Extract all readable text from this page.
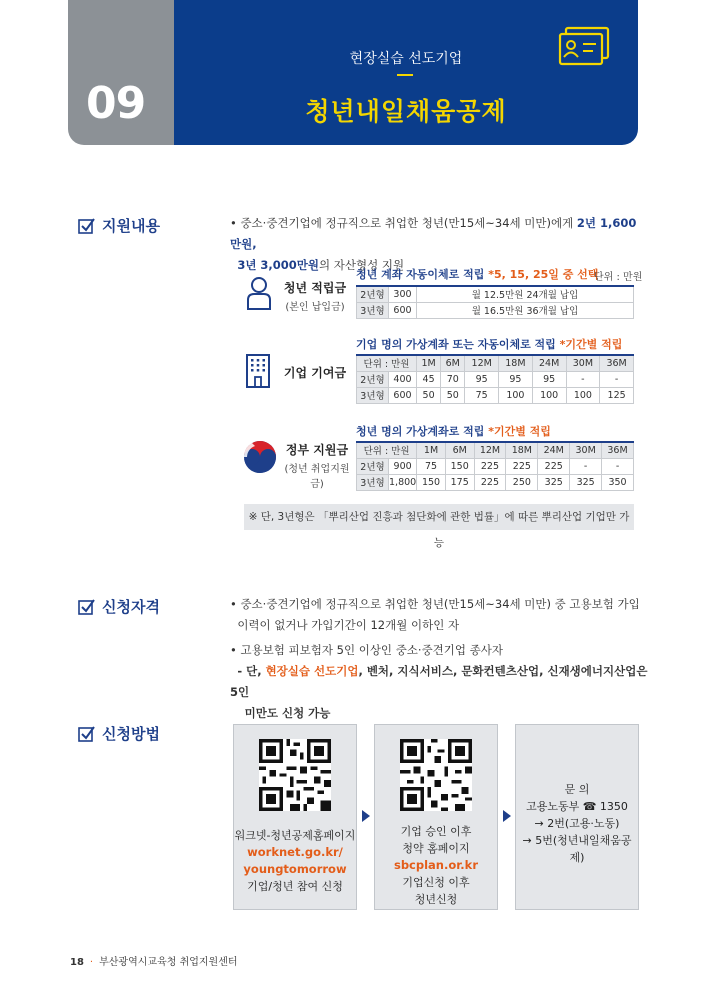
09
현장실습 선도기업
청년내일채움공제
지원내용	• 중소·중견기업에 정규직으로 취업한 청년(만15세~34세 미만)에게 2년 1,600만원,
3년 3,000만원의 자산형성 지원
청년 적립금
(본인 납입금)
청년 계좌 자동이체로 적립 *5, 15, 25일 중 선택
단위 : 만원
2년형	300	월 12.5만원 24개월 납입
3년형	600	월 16.5만원 36개월 납입
기업 기여금
기업 명의 가상계좌 또는 자동이체로 적립 *기간별 적립
단위 : 만원		1M	6M	12M	18M	24M	30M	36M
2년형	400	45	70	95	95	95	-	-
3년형	600	50	50	75	100	100	100	125
정부 지원금
(청년 취업지원금)
청년 명의 가상계좌로 적립 *기간별 적립
단위 : 만원		1M	6M	12M	18M	24M	30M	36M
2년형	900	75	150	225	225	225	-	-
3년형	1,800	150	175	225	250	325	325	350
※ 단, 3년형은 「뿌리산업 진흥과 첨단화에 관한 법률」에 따른 뿌리산업 기업만 가능
신청자격	• 중소·중견기업에 정규직으로 취업한 청년(만15세~34세 미만) 중 고용보험 가입
이력이 없거나 가입기간이 12개월 이하인 자
• 고용보험 피보험자 5인 이상인 중소·중견기업 종사자
- 단, 현장실습 선도기업, 벤처, 지식서비스, 문화컨텐츠산업, 신재생에너지산업은 5인
미만도 신청 가능
신청방법
워크넷-청년공제홈페이지
worknet.go.kr/
youngtomorrow
기업/청년 참여 신청
기업 승인 이후
청약 홈페이지
sbcplan.or.kr
기업신청 이후
청년신청
문 의
고용노동부 ☎ 1350
→ 2번(고용·노동)
→ 5번(청년내일채움공제)
18 · 부산광역시교육청 취업지원센터
